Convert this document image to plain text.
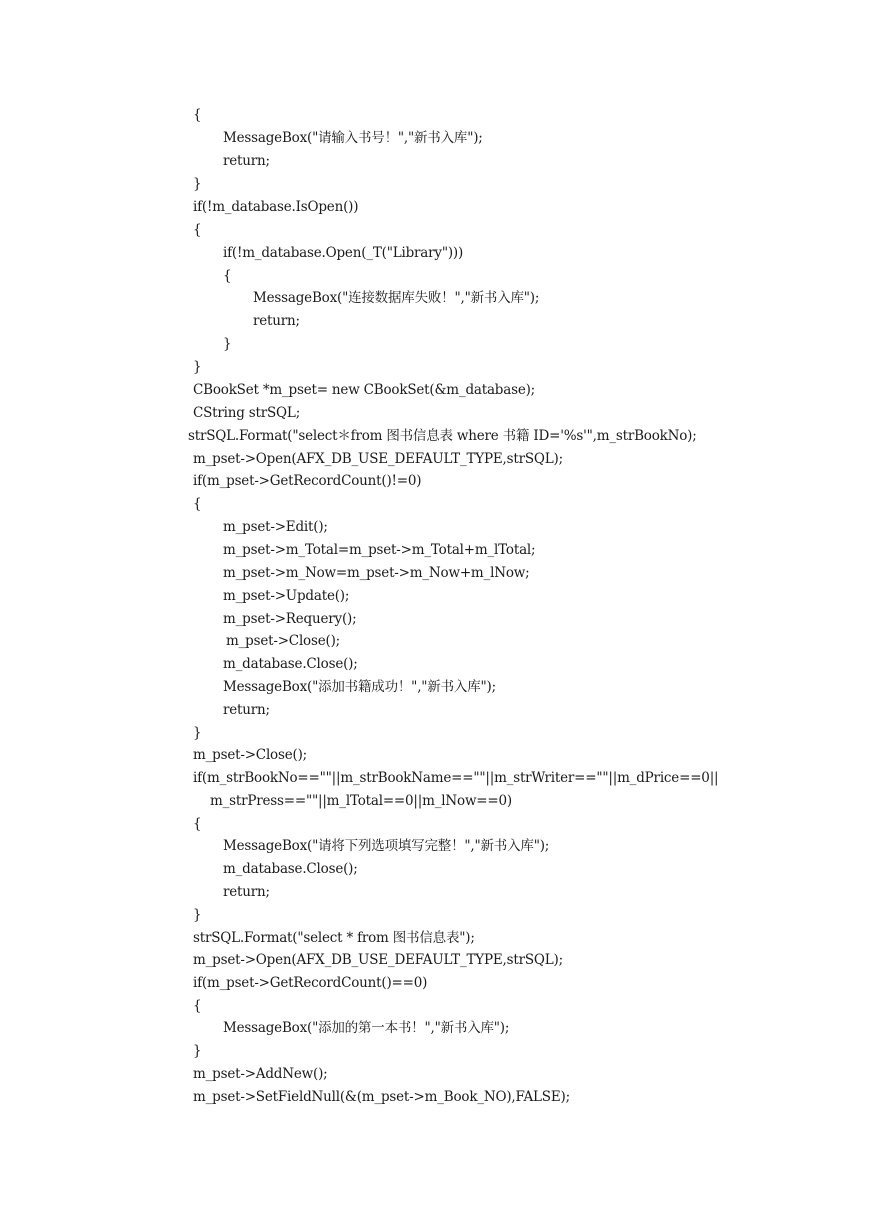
{
MessageBox("请输入书号！","新书入库");
return;
}
if(!m_database.IsOpen())
{
if(!m_database.Open(_T("Library")))
{
MessageBox("连接数据库失败！","新书入库");
return;
}
}
CBookSet *m_pset= new CBookSet(&m_database);
CString strSQL;
strSQL.Format("select＊from 图书信息表 where 书籍 ID='%s'",m_strBookNo);
m_pset->Open(AFX_DB_USE_DEFAULT_TYPE,strSQL);
if(m_pset->GetRecordCount()!=0)
{
m_pset->Edit();
m_pset->m_Total=m_pset->m_Total+m_lTotal;
m_pset->m_Now=m_pset->m_Now+m_lNow;
m_pset->Update();
m_pset->Requery();
m_pset->Close();
m_database.Close();
MessageBox("添加书籍成功！","新书入库");
return;
}
m_pset->Close();
if(m_strBookNo==""||m_strBookName==""||m_strWriter==""||m_dPrice==0||
m_strPress==""||m_lTotal==0||m_lNow==0)
{
MessageBox("请将下列选项填写完整！","新书入库");
m_database.Close();
return;
}
strSQL.Format("select * from 图书信息表");
m_pset->Open(AFX_DB_USE_DEFAULT_TYPE,strSQL);
if(m_pset->GetRecordCount()==0)
{
MessageBox("添加的第一本书！","新书入库");
}
m_pset->AddNew();
m_pset->SetFieldNull(&(m_pset->m_Book_NO),FALSE);
